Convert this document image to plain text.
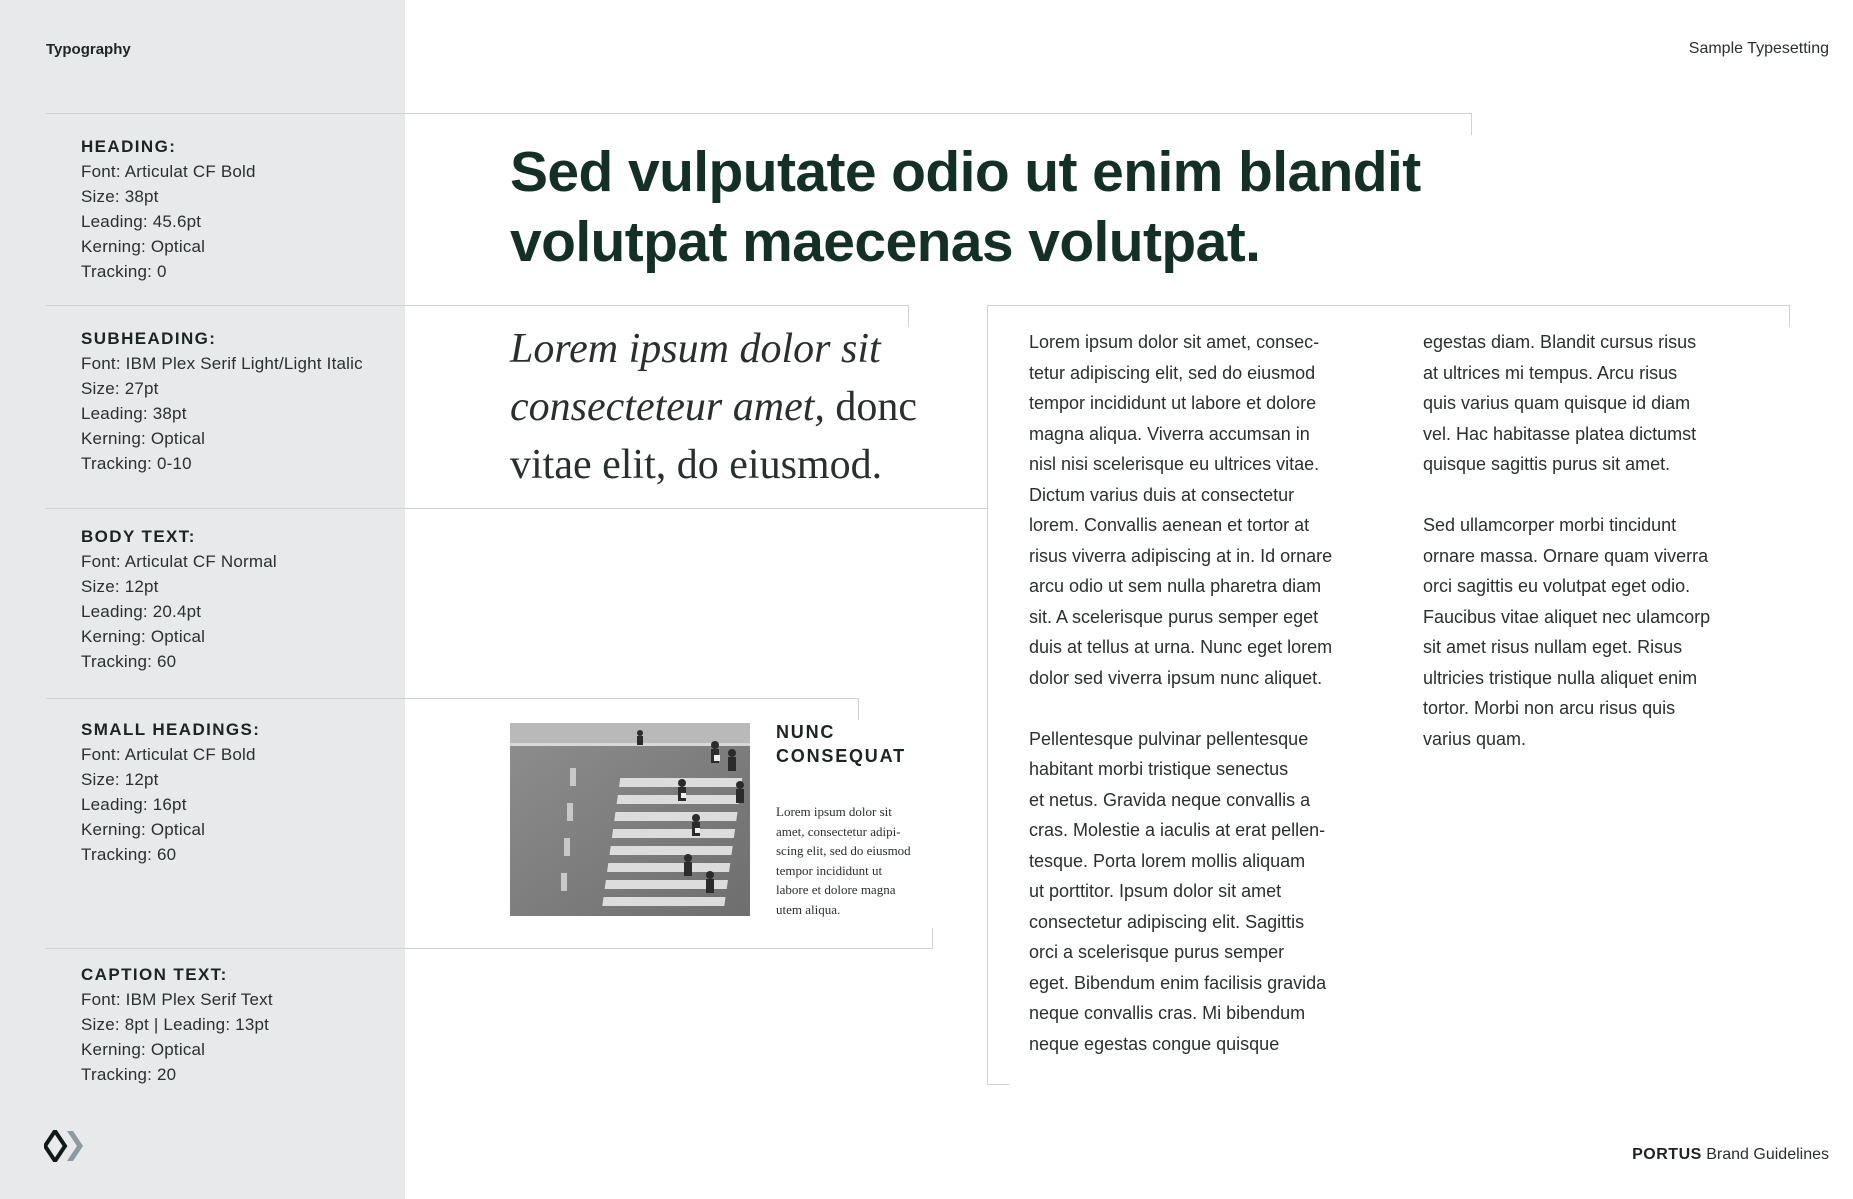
Typography	Sample Typesetting
HEADING:
Font: Articulat CF Bold
Size: 38pt
Leading: 45.6pt
Kerning: Optical
Tracking: 0
SUBHEADING:
Font: IBM Plex Serif Light/Light Italic
Size: 27pt
Leading: 38pt
Kerning: Optical
Tracking: 0-10
BODY TEXT:
Font: Articulat CF Normal
Size: 12pt
Leading: 20.4pt
Kerning: Optical
Tracking: 60
SMALL HEADINGS:
Font: Articulat CF Bold
Size: 12pt
Leading: 16pt
Kerning: Optical
Tracking: 60
CAPTION TEXT:
Font: IBM Plex Serif Text
Size: 8pt | Leading: 13pt
Kerning: Optical
Tracking: 20
Sed vulputate odio ut enim blandit
volutpat maecenas volutpat.
Lorem ipsum dolor sit
consecteteur amet, donc
vitae elit, do eiusmod.
Lorem ipsum dolor sit amet, consec-
tetur adipiscing elit, sed do eiusmod
tempor incididunt ut labore et dolore
magna aliqua. Viverra accumsan in
nisl nisi scelerisque eu ultrices vitae.
Dictum varius duis at consectetur
lorem. Convallis aenean et tortor at
risus viverra adipiscing at in. Id ornare
arcu odio ut sem nulla pharetra diam
sit. A scelerisque purus semper eget
duis at tellus at urna. Nunc eget lorem
dolor sed viverra ipsum nunc aliquet.

Pellentesque pulvinar pellentesque
habitant morbi tristique senectus
et netus. Gravida neque convallis a
cras. Molestie a iaculis at erat pellen-
tesque. Porta lorem mollis aliquam
ut porttitor. Ipsum dolor sit amet
consectetur adipiscing elit. Sagittis
orci a scelerisque purus semper
eget. Bibendum enim facilisis gravida
neque convallis cras. Mi bibendum
neque egestas congue quisque
egestas diam. Blandit cursus risus
at ultrices mi tempus. Arcu risus
quis varius quam quisque id diam
vel. Hac habitasse platea dictumst
quisque sagittis purus sit amet.

Sed ullamcorper morbi tincidunt
ornare massa. Ornare quam viverra
orci sagittis eu volutpat eget odio.
Faucibus vitae aliquet nec ulamcorp
sit amet risus nullam eget. Risus
ultricies tristique nulla aliquet enim
tortor. Morbi non arcu risus quis
varius quam.
NUNC
CONSEQUAT
Lorem ipsum dolor sit
amet, consectetur adipi-
scing elit, sed do eiusmod
tempor incididunt ut
labore et dolore magna
utem aliqua.
PORTUS Brand Guidelines
